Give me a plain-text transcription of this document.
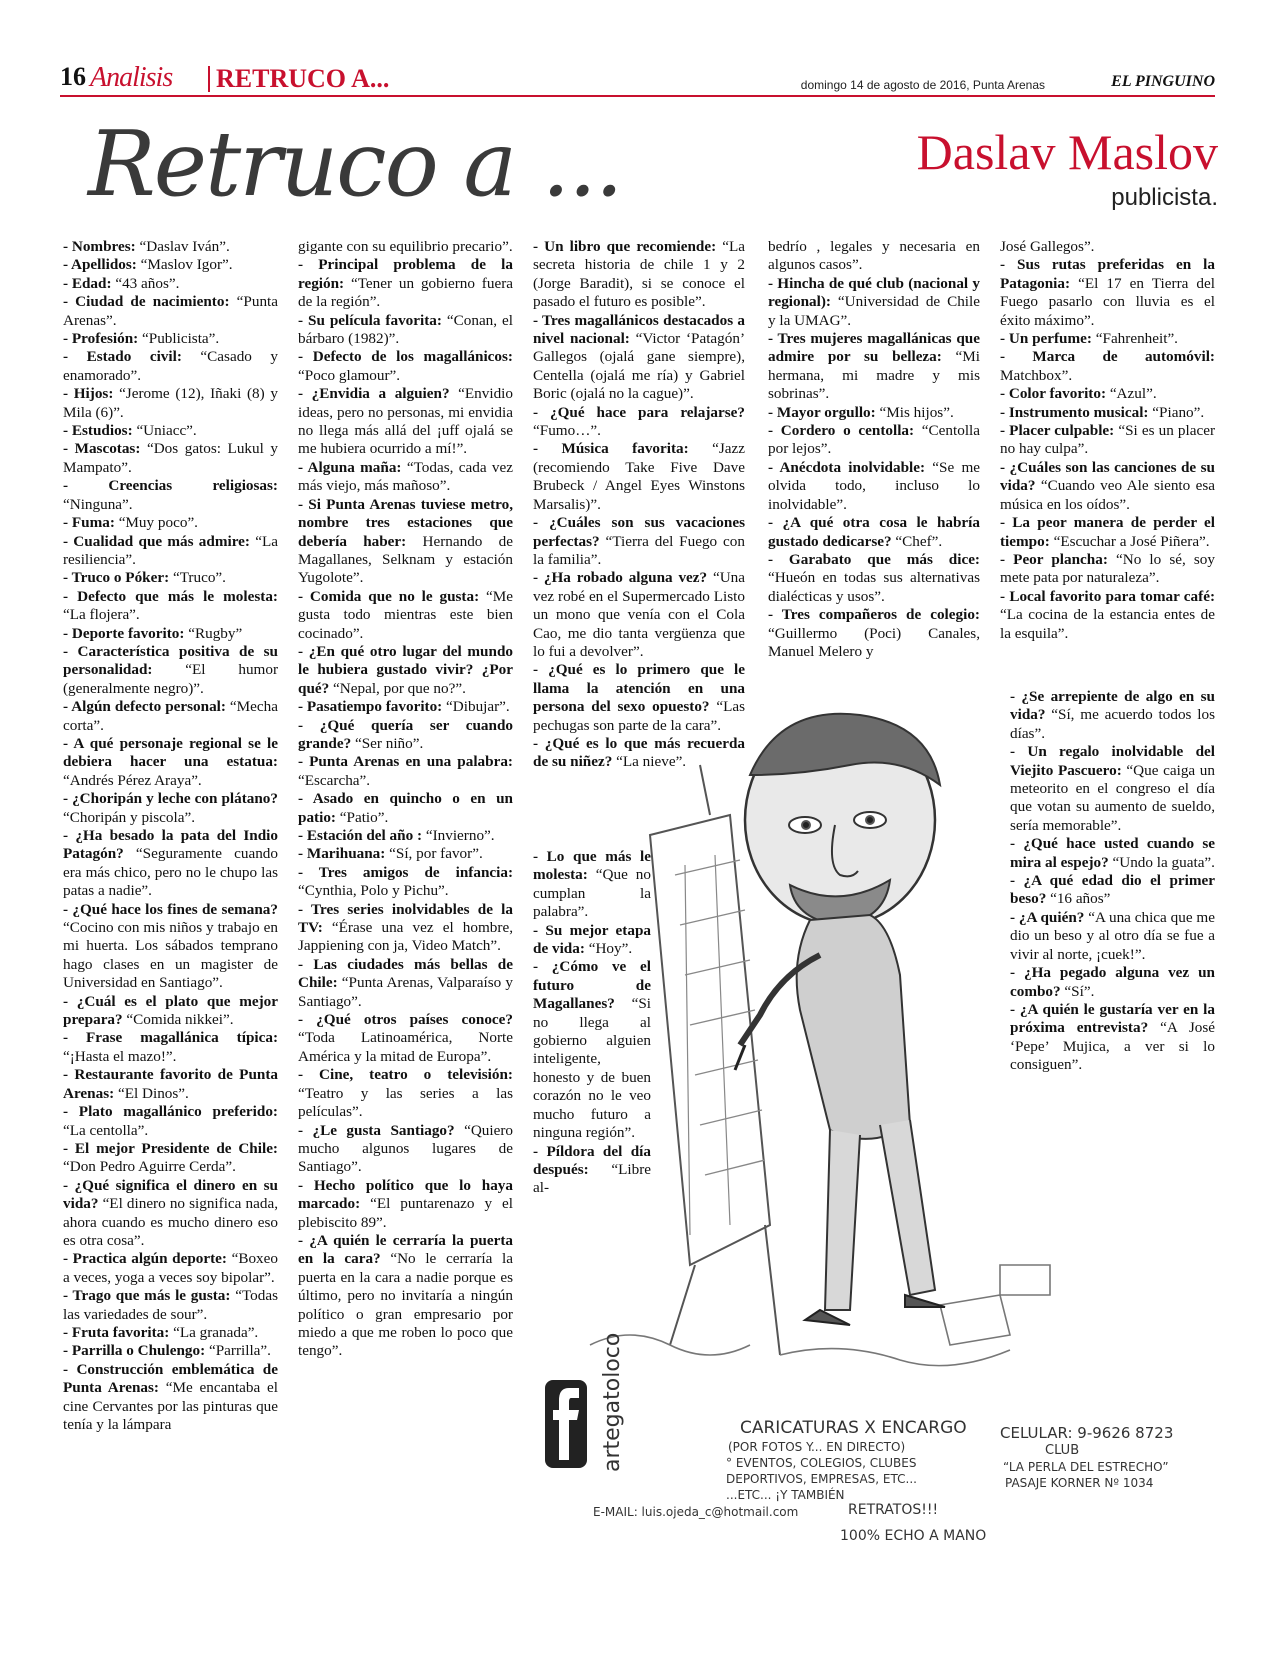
16 Analisis RETRUCO A...	domingo 14 de agosto de 2016, Punta Arenas	EL PINGUINO
Retruco a ...	Daslav Maslov
publicista.

- Nombres: “Daslav Iván”.

- Apellidos: “Maslov Igor”.

- Edad: “43 años”.

- Ciudad de nacimiento: “Punta Arenas”.

- Profesión: “Publicista”.

- Estado civil: “Casado y enamorado”.

- Hijos: “Jerome (12), Iñaki (8) y Mila (6)”.

- Estudios: “Uniacc”.

- Mascotas: “Dos gatos: Lukul y Mampato”.

- Creencias religiosas: “Ninguna”.

- Fuma: “Muy poco”.

- Cualidad que más admire: “La resiliencia”.

- Truco o Póker: “Truco”.

- Defecto que más le molesta: “La flojera”.

- Deporte favorito: “Rugby”

- Característica positiva de su personalidad: “El humor (generalmente negro)”.

- Algún defecto personal: “Mecha corta”.

- A qué personaje regional se le debiera hacer una estatua: “Andrés Pérez Araya”.

- ¿Choripán y leche con plátano? “Choripán y piscola”.

- ¿Ha besado la pata del Indio Patagón? “Seguramente cuando era más chico, pero no le chupo las patas a nadie”.

- ¿Qué hace los fines de semana? “Cocino con mis niños y trabajo en mi huerta. Los sábados temprano hago clases en un magister de Universidad en Santiago”.

- ¿Cuál es el plato que mejor prepara? “Comida nikkei”.

- Frase magallánica típica: “¡Hasta el mazo!”.

- Restaurante favorito de Punta Arenas: “El Dinos”.

- Plato magallánico preferido: “La centolla”.

- El mejor Presidente de Chile: “Don Pedro Aguirre Cerda”.

- ¿Qué significa el dinero en su vida? “El dinero no significa nada, ahora cuando es mucho dinero eso es otra cosa”.

- Practica algún deporte: “Boxeo a veces, yoga a veces soy bipolar”.

- Trago que más le gusta: “Todas las variedades de sour”.

- Fruta favorita: “La granada”.

- Parrilla o Chulengo: “Parrilla”.

- Construcción emblemática de Punta Arenas: “Me encantaba el cine Cervantes por las pinturas que tenía y la lámpara

gigante con su equilibrio precario”.

- Principal problema de la región: “Tener un gobierno fuera de la región”.

- Su película favorita: “Conan, el bárbaro (1982)”.

- Defecto de los magallánicos: “Poco glamour”.

- ¿Envidia a alguien? “Envidio ideas, pero no personas, mi envidia no llega más allá del ¡uff ojalá se me hubiera ocurrido a mí!”.

- Alguna maña: “Todas, cada vez más viejo, más mañoso”.

- Si Punta Arenas tuviese metro, nombre tres estaciones que debería haber: Hernando de Magallanes, Selknam y estación Yugolote”.

- Comida que no le gusta: “Me gusta todo mientras este bien cocinado”.

- ¿En qué otro lugar del mundo le hubiera gustado vivir? ¿Por qué? “Nepal, por que no?”.

- Pasatiempo favorito: “Dibujar”.

- ¿Qué quería ser cuando grande? “Ser niño”.

- Punta Arenas en una palabra: “Escarcha”.

- Asado en quincho o en un patio: “Patio”.

- Estación del año : “Invierno”.

- Marihuana: “Sí, por favor”.

- Tres amigos de infancia: “Cynthia, Polo y Pichu”.

- Tres series inolvidables de la TV: “Érase una vez el hombre, Jappiening con ja, Video Match”.

- Las ciudades más bellas de Chile: “Punta Arenas, Valparaíso y Santiago”.

- ¿Qué otros países conoce? “Toda Latinoamérica, Norte América y la mitad de Europa”.

- Cine, teatro o televisión: “Teatro y las series a las películas”.

- ¿Le gusta Santiago? “Quiero mucho algunos lugares de Santiago”.

- Hecho político que lo haya marcado: “El puntarenazo y el plebiscito 89”.

- ¿A quién le cerraría la puerta en la cara? “No le cerraría la puerta en la cara a nadie porque es último, pero no invitaría a ningún político o gran empresario por miedo a que me roben lo poco que tengo”.

- Un libro que recomiende: “La secreta historia de chile 1 y 2 (Jorge Baradit), si se conoce el pasado el futuro es posible”.

- Tres magallánicos destacados a nivel nacional: “Victor ‘Patagón’ Gallegos (ojalá gane siempre), Centella (ojalá me ría) y Gabriel Boric (ojalá no la cague)”.

- ¿Qué hace para relajarse? “Fumo…”.

- Música favorita: “Jazz (recomiendo Take Five Dave Brubeck / Angel Eyes Winstons Marsalis)”.

- ¿Cuáles son sus vacaciones perfectas? “Tierra del Fuego con la familia”.

- ¿Ha robado alguna vez? “Una vez robé en el Supermercado Listo un mono que venía con el Cola Cao, me dio tanta vergüenza que lo fui a devolver”.

- ¿Qué es lo primero que le llama la atención en una persona del sexo opuesto? “Las pechugas son parte de la cara”.

- ¿Qué es lo que más recuerda de su niñez? “La nieve”.

- Lo que más le molesta: “Que no cumplan la palabra”.

- Su mejor etapa de vida: “Hoy”.

- ¿Cómo ve el futuro de Magallanes? “Si no llega al gobierno alguien inteligente, honesto y de buen corazón no le veo mucho futuro a ninguna región”.

- Píldora del día después: “Libre al-

bedrío , legales y necesaria en algunos casos”.

- Hincha de qué club (nacional y regional): “Universidad de Chile y la UMAG”.

- Tres mujeres magallánicas que admire por su belleza: “Mi hermana, mi madre y mis sobrinas”.

- Mayor orgullo: “Mis hijos”.

- Cordero o centolla: “Centolla por lejos”.

- Anécdota inolvidable: “Se me olvida todo, incluso lo inolvidable”.

- ¿A qué otra cosa le habría gustado dedicarse? “Chef”.

- Garabato que más dice: “Hueón en todas sus alternativas dialécticas y usos”.

- Tres compañeros de colegio: “Guillermo (Poci) Canales, Manuel Melero y

José Gallegos”.

- Sus rutas preferidas en la Patagonia: “El 17 en Tierra del Fuego pasarlo con lluvia es el éxito máximo”.

- Un perfume: “Fahrenheit”.

- Marca de automóvil: Matchbox”.

- Color favorito: “Azul”.

- Instrumento musical: “Piano”.

- Placer culpable: “Si es un placer no hay culpa”.

- ¿Cuáles son las canciones de su vida? “Cuando veo Ale siento esa música en los oídos”.

- La peor manera de perder el tiempo: “Escuchar a José Piñera”.

- Peor plancha: “No lo sé, soy mete pata por naturaleza”.

- Local favorito para tomar café: “La cocina de la estancia entes de la esquila”.

- ¿Se arrepiente de algo en su vida? “Sí, me acuerdo todos los días”.

- Un regalo inolvidable del Viejito Pascuero: “Que caiga un meteorito en el congreso el día que votan su aumento de sueldo, sería memorable”.

- ¿Qué hace usted cuando se mira al espejo? “Undo la guata”.

- ¿A qué edad dio el primer beso? “16 años”

- ¿A quién? “A una chica que me dio un beso y al otro día se fue a vivir al norte, ¡cuek!”.

- ¿Ha pegado alguna vez un combo? “Sí”.

- ¿A quién le gustaría ver en la próxima entrevista? “A José ‘Pepe’ Mujica, a ver si lo consiguen”.

artegatoloco	CARICATURAS X ENCARGO
(POR FOTOS Y... EN DIRECTO)
° EVENTOS, COLEGIOS, CLUBES
DEPORTIVOS, EMPRESAS, ETC...
...ETC... ¡Y TAMBIÉN
RETRATOS!!!
E-MAIL: luis.ojeda_c@hotmail.com
100% ECHO A MANO
CELULAR: 9-9626 8723
CLUB
“LA PERLA DEL ESTRECHO”
PASAJE KORNER Nº 1034
